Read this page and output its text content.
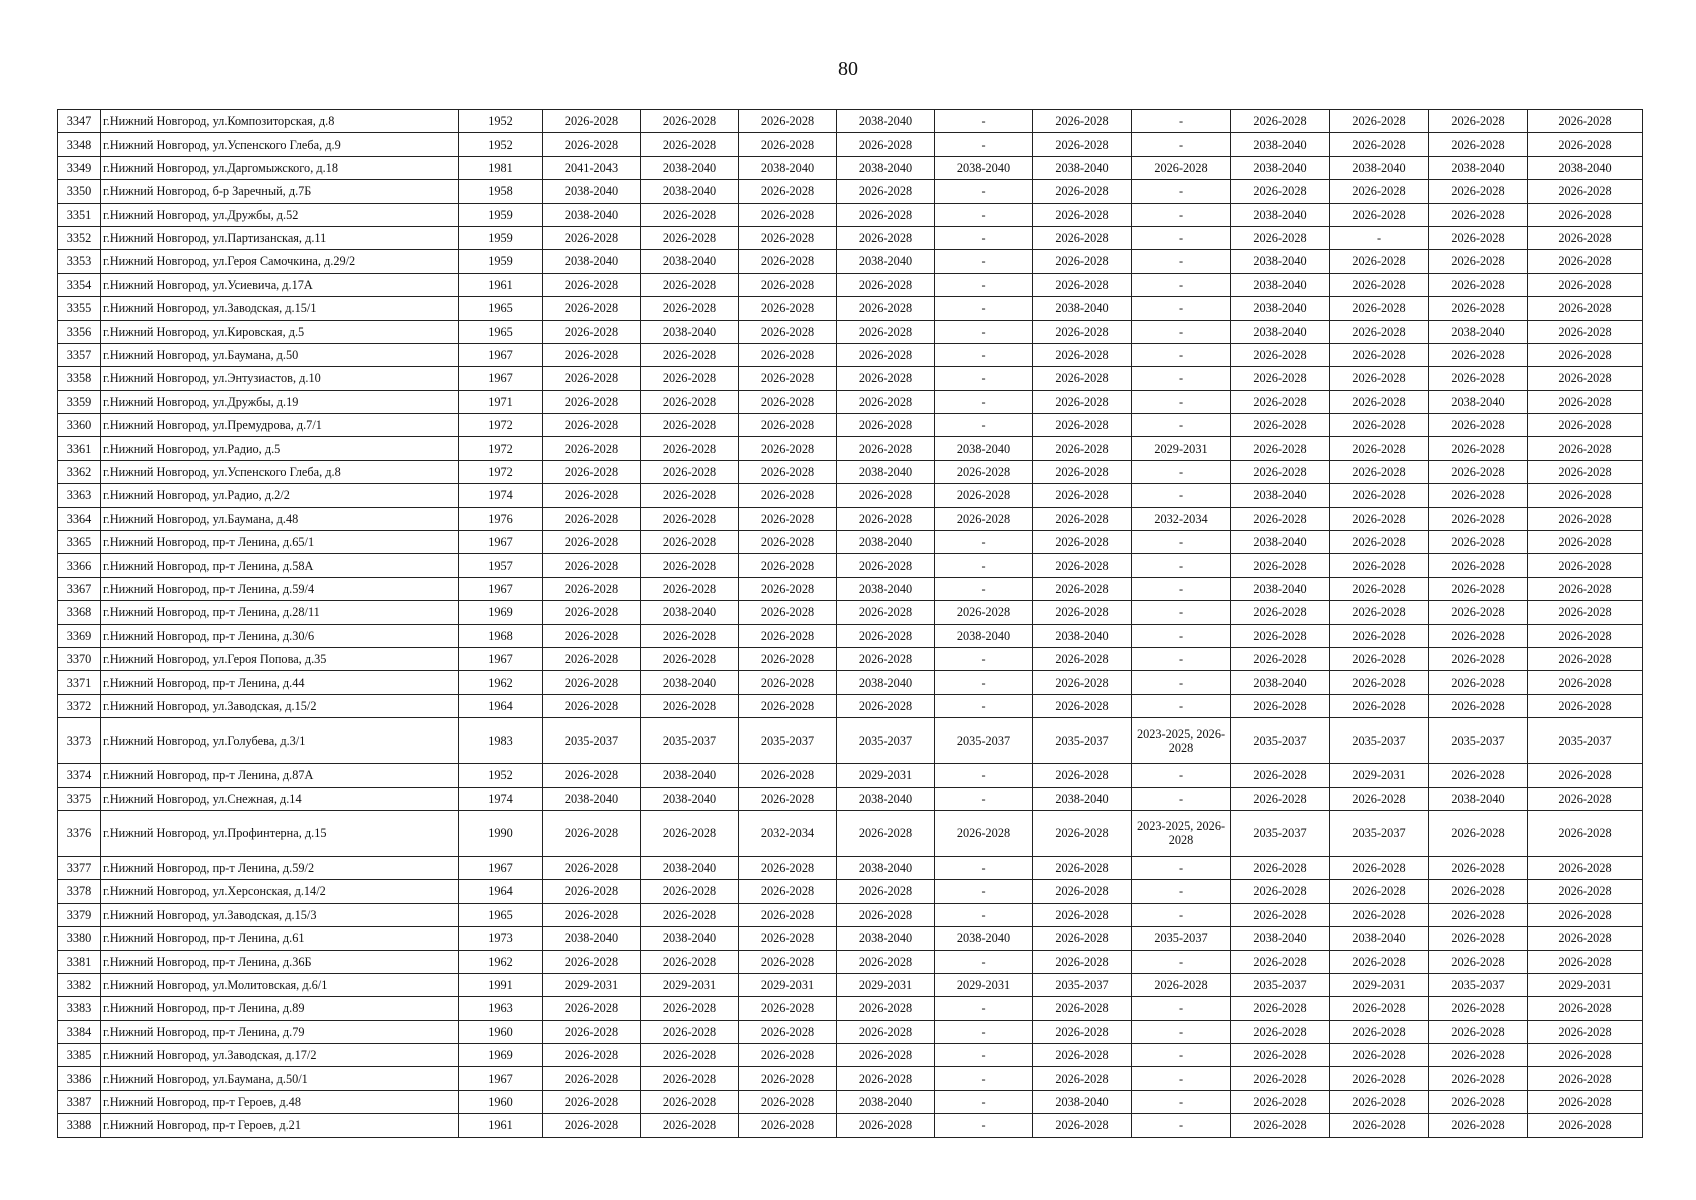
80
3347	г.Нижний Новгород, ул.Композиторская, д.8	1952	2026-2028	2026-2028	2026-2028	2038-2040	-	2026-2028	-	2026-2028	2026-2028	2026-2028	2026-2028
3348	г.Нижний Новгород, ул.Успенского Глеба, д.9	1952	2026-2028	2026-2028	2026-2028	2026-2028	-	2026-2028	-	2038-2040	2026-2028	2026-2028	2026-2028
3349	г.Нижний Новгород, ул.Даргомыжского, д.18	1981	2041-2043	2038-2040	2038-2040	2038-2040	2038-2040	2038-2040	2026-2028	2038-2040	2038-2040	2038-2040	2038-2040
3350	г.Нижний Новгород, б-р Заречный, д.7Б	1958	2038-2040	2038-2040	2026-2028	2026-2028	-	2026-2028	-	2026-2028	2026-2028	2026-2028	2026-2028
3351	г.Нижний Новгород, ул.Дружбы, д.52	1959	2038-2040	2026-2028	2026-2028	2026-2028	-	2026-2028	-	2038-2040	2026-2028	2026-2028	2026-2028
3352	г.Нижний Новгород, ул.Партизанская, д.11	1959	2026-2028	2026-2028	2026-2028	2026-2028	-	2026-2028	-	2026-2028	-	2026-2028	2026-2028
3353	г.Нижний Новгород, ул.Героя Самочкина, д.29/2	1959	2038-2040	2038-2040	2026-2028	2038-2040	-	2026-2028	-	2038-2040	2026-2028	2026-2028	2026-2028
3354	г.Нижний Новгород, ул.Усиевича, д.17А	1961	2026-2028	2026-2028	2026-2028	2026-2028	-	2026-2028	-	2038-2040	2026-2028	2026-2028	2026-2028
3355	г.Нижний Новгород, ул.Заводская, д.15/1	1965	2026-2028	2026-2028	2026-2028	2026-2028	-	2038-2040	-	2038-2040	2026-2028	2026-2028	2026-2028
3356	г.Нижний Новгород, ул.Кировская, д.5	1965	2026-2028	2038-2040	2026-2028	2026-2028	-	2026-2028	-	2038-2040	2026-2028	2038-2040	2026-2028
3357	г.Нижний Новгород, ул.Баумана, д.50	1967	2026-2028	2026-2028	2026-2028	2026-2028	-	2026-2028	-	2026-2028	2026-2028	2026-2028	2026-2028
3358	г.Нижний Новгород, ул.Энтузиастов, д.10	1967	2026-2028	2026-2028	2026-2028	2026-2028	-	2026-2028	-	2026-2028	2026-2028	2026-2028	2026-2028
3359	г.Нижний Новгород, ул.Дружбы, д.19	1971	2026-2028	2026-2028	2026-2028	2026-2028	-	2026-2028	-	2026-2028	2026-2028	2038-2040	2026-2028
3360	г.Нижний Новгород, ул.Премудрова, д.7/1	1972	2026-2028	2026-2028	2026-2028	2026-2028	-	2026-2028	-	2026-2028	2026-2028	2026-2028	2026-2028
3361	г.Нижний Новгород, ул.Радио, д.5	1972	2026-2028	2026-2028	2026-2028	2026-2028	2038-2040	2026-2028	2029-2031	2026-2028	2026-2028	2026-2028	2026-2028
3362	г.Нижний Новгород, ул.Успенского Глеба, д.8	1972	2026-2028	2026-2028	2026-2028	2038-2040	2026-2028	2026-2028	-	2026-2028	2026-2028	2026-2028	2026-2028
3363	г.Нижний Новгород, ул.Радио, д.2/2	1974	2026-2028	2026-2028	2026-2028	2026-2028	2026-2028	2026-2028	-	2038-2040	2026-2028	2026-2028	2026-2028
3364	г.Нижний Новгород, ул.Баумана, д.48	1976	2026-2028	2026-2028	2026-2028	2026-2028	2026-2028	2026-2028	2032-2034	2026-2028	2026-2028	2026-2028	2026-2028
3365	г.Нижний Новгород, пр-т Ленина, д.65/1	1967	2026-2028	2026-2028	2026-2028	2038-2040	-	2026-2028	-	2038-2040	2026-2028	2026-2028	2026-2028
3366	г.Нижний Новгород, пр-т Ленина, д.58А	1957	2026-2028	2026-2028	2026-2028	2026-2028	-	2026-2028	-	2026-2028	2026-2028	2026-2028	2026-2028
3367	г.Нижний Новгород, пр-т Ленина, д.59/4	1967	2026-2028	2026-2028	2026-2028	2038-2040	-	2026-2028	-	2038-2040	2026-2028	2026-2028	2026-2028
3368	г.Нижний Новгород, пр-т Ленина, д.28/11	1969	2026-2028	2038-2040	2026-2028	2026-2028	2026-2028	2026-2028	-	2026-2028	2026-2028	2026-2028	2026-2028
3369	г.Нижний Новгород, пр-т Ленина, д.30/6	1968	2026-2028	2026-2028	2026-2028	2026-2028	2038-2040	2038-2040	-	2026-2028	2026-2028	2026-2028	2026-2028
3370	г.Нижний Новгород, ул.Героя Попова, д.35	1967	2026-2028	2026-2028	2026-2028	2026-2028	-	2026-2028	-	2026-2028	2026-2028	2026-2028	2026-2028
3371	г.Нижний Новгород, пр-т Ленина, д.44	1962	2026-2028	2038-2040	2026-2028	2038-2040	-	2026-2028	-	2038-2040	2026-2028	2026-2028	2026-2028
3372	г.Нижний Новгород, ул.Заводская, д.15/2	1964	2026-2028	2026-2028	2026-2028	2026-2028	-	2026-2028	-	2026-2028	2026-2028	2026-2028	2026-2028
3373	г.Нижний Новгород, ул.Голубева, д.3/1	1983	2035-2037	2035-2037	2035-2037	2035-2037	2035-2037	2035-2037	2023-2025, 2026-2028	2035-2037	2035-2037	2035-2037	2035-2037
3374	г.Нижний Новгород, пр-т Ленина, д.87А	1952	2026-2028	2038-2040	2026-2028	2029-2031	-	2026-2028	-	2026-2028	2029-2031	2026-2028	2026-2028
3375	г.Нижний Новгород, ул.Снежная, д.14	1974	2038-2040	2038-2040	2026-2028	2038-2040	-	2038-2040	-	2026-2028	2026-2028	2038-2040	2026-2028
3376	г.Нижний Новгород, ул.Профинтерна, д.15	1990	2026-2028	2026-2028	2032-2034	2026-2028	2026-2028	2026-2028	2023-2025, 2026-2028	2035-2037	2035-2037	2026-2028	2026-2028
3377	г.Нижний Новгород, пр-т Ленина, д.59/2	1967	2026-2028	2038-2040	2026-2028	2038-2040	-	2026-2028	-	2026-2028	2026-2028	2026-2028	2026-2028
3378	г.Нижний Новгород, ул.Херсонская, д.14/2	1964	2026-2028	2026-2028	2026-2028	2026-2028	-	2026-2028	-	2026-2028	2026-2028	2026-2028	2026-2028
3379	г.Нижний Новгород, ул.Заводская, д.15/3	1965	2026-2028	2026-2028	2026-2028	2026-2028	-	2026-2028	-	2026-2028	2026-2028	2026-2028	2026-2028
3380	г.Нижний Новгород, пр-т Ленина, д.61	1973	2038-2040	2038-2040	2026-2028	2038-2040	2038-2040	2026-2028	2035-2037	2038-2040	2038-2040	2026-2028	2026-2028
3381	г.Нижний Новгород, пр-т Ленина, д.36Б	1962	2026-2028	2026-2028	2026-2028	2026-2028	-	2026-2028	-	2026-2028	2026-2028	2026-2028	2026-2028
3382	г.Нижний Новгород, ул.Молитовская, д.6/1	1991	2029-2031	2029-2031	2029-2031	2029-2031	2029-2031	2035-2037	2026-2028	2035-2037	2029-2031	2035-2037	2029-2031
3383	г.Нижний Новгород, пр-т Ленина, д.89	1963	2026-2028	2026-2028	2026-2028	2026-2028	-	2026-2028	-	2026-2028	2026-2028	2026-2028	2026-2028
3384	г.Нижний Новгород, пр-т Ленина, д.79	1960	2026-2028	2026-2028	2026-2028	2026-2028	-	2026-2028	-	2026-2028	2026-2028	2026-2028	2026-2028
3385	г.Нижний Новгород, ул.Заводская, д.17/2	1969	2026-2028	2026-2028	2026-2028	2026-2028	-	2026-2028	-	2026-2028	2026-2028	2026-2028	2026-2028
3386	г.Нижний Новгород, ул.Баумана, д.50/1	1967	2026-2028	2026-2028	2026-2028	2026-2028	-	2026-2028	-	2026-2028	2026-2028	2026-2028	2026-2028
3387	г.Нижний Новгород, пр-т Героев, д.48	1960	2026-2028	2026-2028	2026-2028	2038-2040	-	2038-2040	-	2026-2028	2026-2028	2026-2028	2026-2028
3388	г.Нижний Новгород, пр-т Героев, д.21	1961	2026-2028	2026-2028	2026-2028	2026-2028	-	2026-2028	-	2026-2028	2026-2028	2026-2028	2026-2028
